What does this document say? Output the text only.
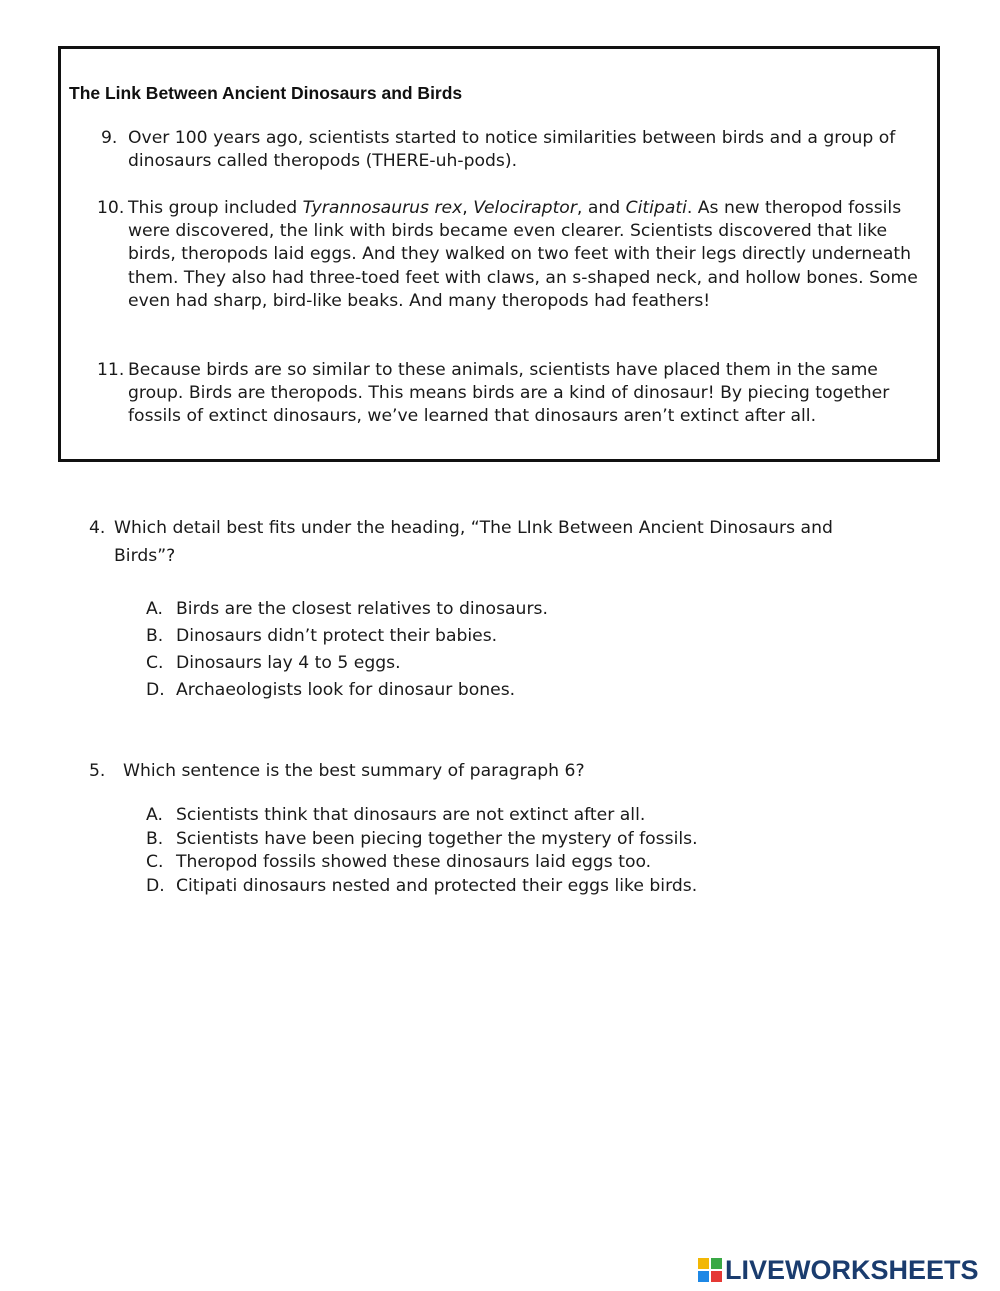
The Link Between Ancient Dinosaurs and Birds
9. Over 100 years ago, scientists started to notice similarities between birds and a group of dinosaurs called theropods (THERE-uh-pods).
10. This group included Tyrannosaurus rex, Velociraptor, and Citipati. As new theropod fossils were discovered, the link with birds became even clearer. Scientists discovered that like birds, theropods laid eggs. And they walked on two feet with their legs directly underneath them. They also had three-toed feet with claws, an s-shaped neck, and hollow bones. Some even had sharp, bird-like beaks. And many theropods had feathers!
11. Because birds are so similar to these animals, scientists have placed them in the same group. Birds are theropods. This means birds are a kind of dinosaur! By piecing together fossils of extinct dinosaurs, we’ve learned that dinosaurs aren’t extinct after all.
4. Which detail best fits under the heading, “The LInk Between Ancient Dinosaurs and Birds”?
A. Birds are the closest relatives to dinosaurs.
B. Dinosaurs didn’t protect their babies.
C. Dinosaurs lay 4 to 5 eggs.
D. Archaeologists look for dinosaur bones.
5. Which sentence is the best summary of paragraph 6?
A. Scientists think that dinosaurs are not extinct after all.
B. Scientists have been piecing together the mystery of fossils.
C. Theropod fossils showed these dinosaurs laid eggs too.
D. Citipati dinosaurs nested and protected their eggs like birds.
LIVEWORKSHEETS
